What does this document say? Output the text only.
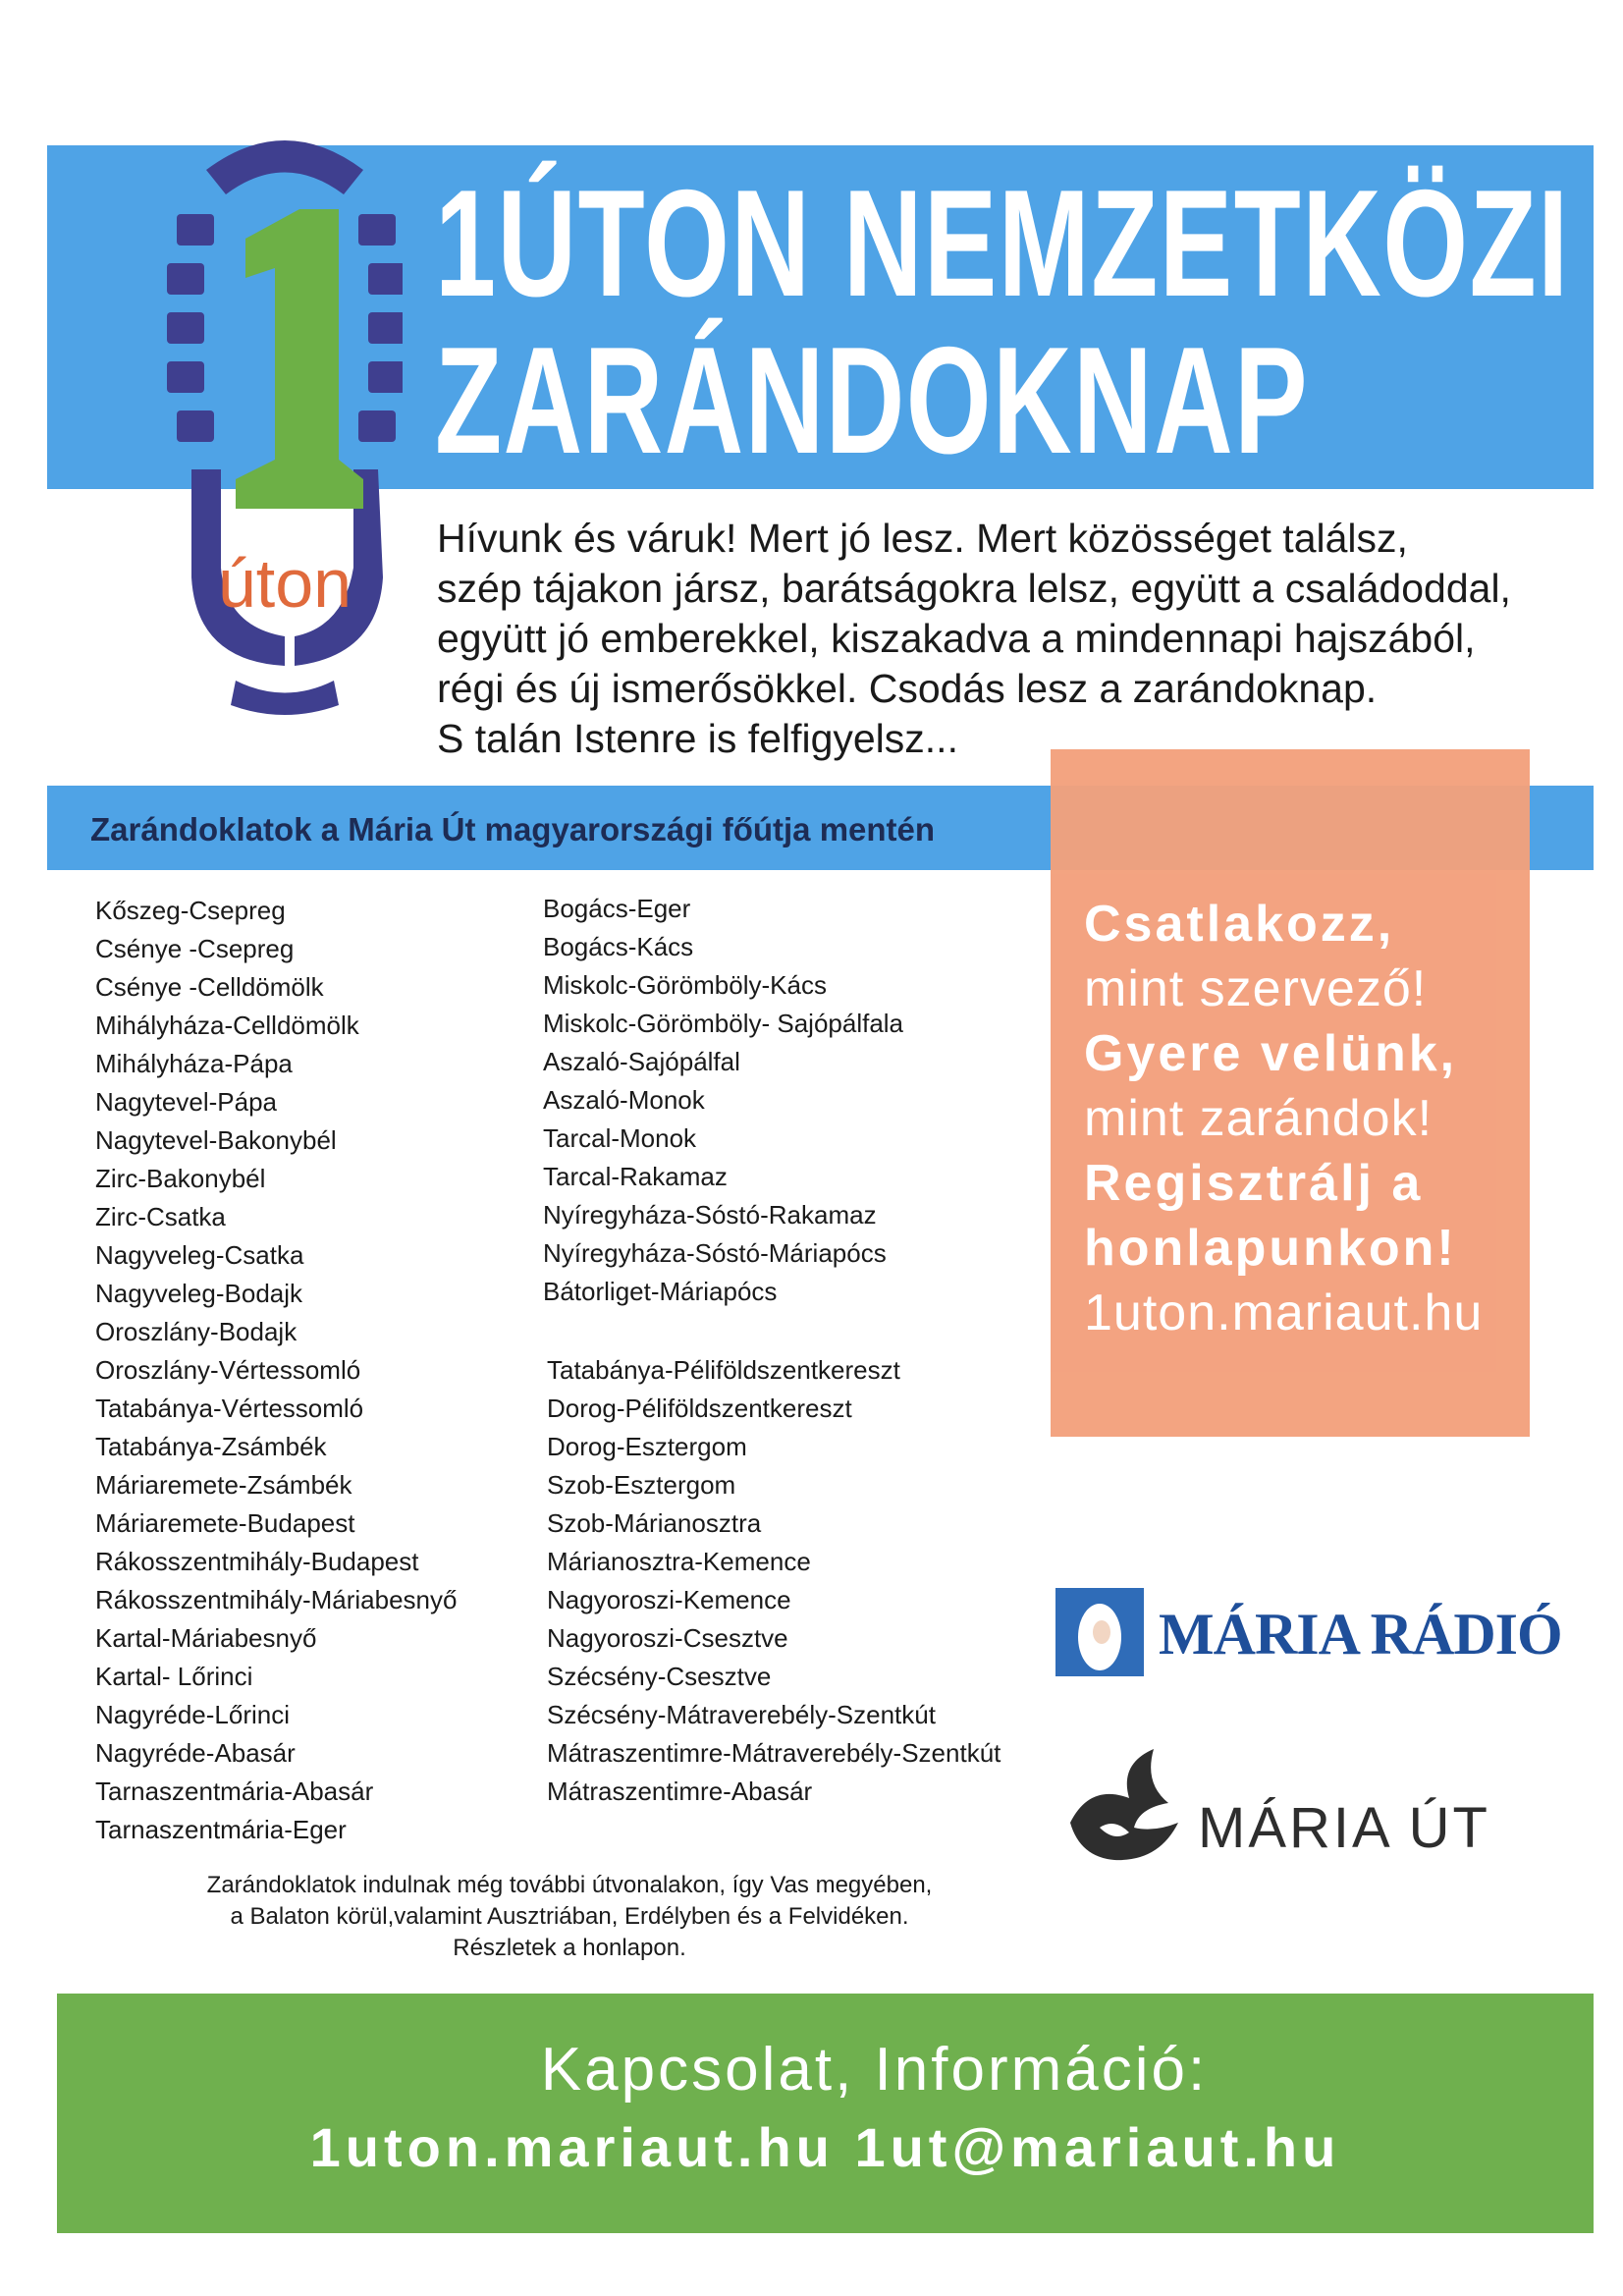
1ÚTON NEMZETKÖZI
ZARÁNDOKNAP
úton
Hívunk és váruk! Mert jó lesz. Mert közösséget találsz,
szép tájakon jársz, barátságokra lelsz, együtt a családoddal,
együtt jó emberekkel, kiszakadva a mindennapi hajszából,
régi és új ismerősökkel. Csodás lesz a zarándoknap.
S talán Istenre is felfigyelsz...
Csatlakozz,
mint szervező!
Gyere velünk,
mint zarándok!
Regisztrálj a
honlapunkon!
1uton.mariaut.hu
Zarándoklatok a Mária Út magyarországi főútja mentén
Kőszeg-Csepreg
Csénye -Csepreg
Csénye -Celldömölk
Mihályháza-Celldömölk
Mihályháza-Pápa
Nagytevel-Pápa
Nagytevel-Bakonybél
Zirc-Bakonybél
Zirc-Csatka
Nagyveleg-Csatka
Nagyveleg-Bodajk
Oroszlány-Bodajk
Oroszlány-Vértessomló
Tatabánya-Vértessomló
Tatabánya-Zsámbék
Máriaremete-Zsámbék
Máriaremete-Budapest
Rákosszentmihály-Budapest
Rákosszentmihály-Máriabesnyő
Kartal-Máriabesnyő
Kartal- Lőrinci
Nagyréde-Lőrinci
Nagyréde-Abasár
Tarnaszentmária-Abasár
Tarnaszentmária-Eger
Bogács-Eger
Bogács-Kács
Miskolc-Görömböly-Kács
Miskolc-Görömböly- Sajópálfala
Aszaló-Sajópálfal
Aszaló-Monok
Tarcal-Monok
Tarcal-Rakamaz
Nyíregyháza-Sóstó-Rakamaz
Nyíregyháza-Sóstó-Máriapócs
Bátorliget-Máriapócs
Tatabánya-Péliföldszentkereszt
Dorog-Péliföldszentkereszt
Dorog-Esztergom
Szob-Esztergom
Szob-Márianosztra
Márianosztra-Kemence
Nagyoroszi-Kemence
Nagyoroszi-Csesztve
Szécsény-Csesztve
Szécsény-Mátraverebély-Szentkút
Mátraszentimre-Mátraverebély-Szentkút
Mátraszentimre-Abasár
Zarándoklatok indulnak még további útvonalakon, így Vas megyében,
a Balaton körül,valamint Ausztriában, Erdélyben és a Felvidéken.
Részletek a honlapon.
MÁRIA RÁDIÓ
MÁRIA ÚT
Kapcsolat, Információ:
1uton.mariaut.hu 1ut@mariaut.hu
